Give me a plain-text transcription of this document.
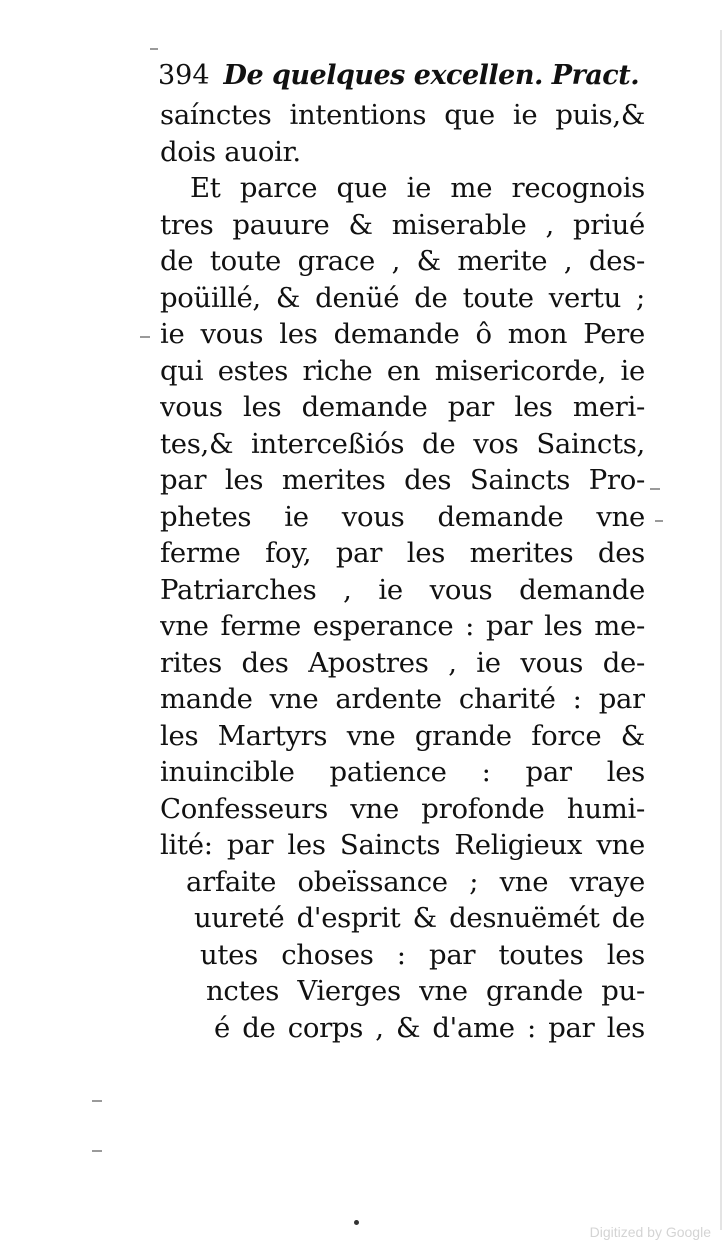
394 De quelques excellen. Pract.
saínctes intentions que ie puis,&
dois auoir.
Et parce que ie me recognois
tres pauure & miserable , priué
de toute grace , & merite , des-
poüillé, & denüé de toute vertu ;
ie vous les demande ô mon Pere
qui estes riche en misericorde, ie
vous les demande par les meri-
tes,& interceßiós de vos Saincts,
par les merites des Saincts Pro-
phetes ie vous demande vne
ferme foy, par les merites des
Patriarches , ie vous demande
vne ferme esperance : par les me-
rites des Apostres , ie vous de-
mande vne ardente charité : par
les Martyrs vne grande force &
inuincible patience : par les
Confesseurs vne profonde humi-
lité: par les Saincts Religieux vne
arfaite obeïssance ; vne vraye
uureté d'esprit & desnuëmét de
utes choses : par toutes les
nctes Vierges vne grande pu-
é de corps , & d'ame : par les
Digitized by Google
